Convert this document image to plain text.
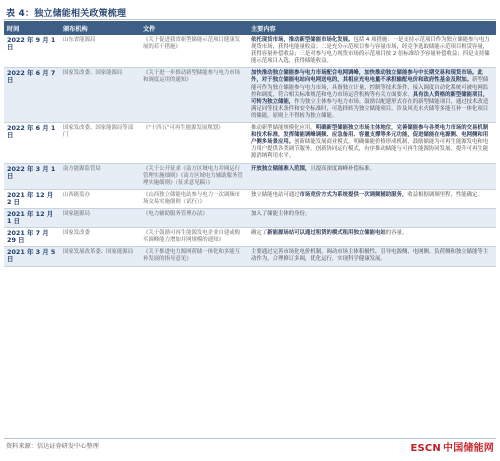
表 4：独立储能相关政策梳理
时间	颁布机构	文件	主要内容
2022 年 9 月 1 日	山东省能源局	《关于促进我省新型储能示范项目健康发展的若干措施》	依托现货市场，推动新型储能市场化发展。包括 4 项措施：一是支持示范项目作为独立储能参与电力现货市场，获得电能量收益；二是充分示范项目参与容量市场，经竞争选取储能示范项目租赁容量，获得容量补偿收益；三是对参与电力现货市场的示范项目按 2 倍标准给予容量补偿收益；四是支持储能示范项目入选，获得储能收益。
2022 年 6 月 7 日	国家发改委、国家能源局	《关于进一步推动新型储能参与电力市场和调度运用的通知》	加快推动独立储能参与电力市场配合电网调峰，加快推动独立储能参与中长期交易和现货市场。此外，对于独立储能电站向电网送电的，其相应充电电量不承担输配电价和政府性基金及附加。新型储能可作为独立储能参与电力市场，具备独立计量、控制等技术条件，接入调度自动化系统可被电网监控和调度，符合相关标准规范和电力市场运营机构等有关方面要求，具有法人资格的新型储能项目，可转为独立储能，作为独立主体参与电力市场。鼓励以配建形式存在的新型储能项目，通过技术改造满足同等技术条件和安全标准时，可选择转为独立储能项目。涉及风光水火储等多能互补一体化项目的储能，原则上不得转为独立储能。
2022 年 6 月 1 日	国家发改委、国家能源局等部门	《"十四五"可再生能源发展规划》	推动新型储能规模化应用。明确新型储能独立市场主体地位，完善储能参与各类电力市场的交易机制和技术标准，发挥储能调峰调频、应急备用、容量支撑等多元功能，促进储能在电源侧、电网侧和用户侧多场景应用。创新储能发展商业模式，明确储能价格形成机制，鼓励储能为可再生能源发电和电力用户提供各类调节服务。创新协同运行模式，有序推动储能与可再生能源协同发展，提升可再生能源消纳利用水平。
2022 年 3 月 1 日	南方能源监管局	《关于公开征求《南方区域电力并网运行管理实施细则》《南方区域电力辅助服务管理实施细则》（征求意见稿）》	开放独立储能准入范围，且提高深度调峰补偿标准。
2021 年 12 月 2 日	山西能监办	《山西独立储能电站参与电力一次调频市场交易实施细则（试行）》	独立储能电站可通过市场竞价方式为系统提供一次调频辅助服务，收益根据调频里程、性能确定。
2021 年 12 月 1 日	国家能源局	《电力辅助服务管理办法》	加入了储能主体的身份。
2021 年 7 月 29 日	国家发改委	《关于鼓励可再生能源发电企业自建或购买调峰能力增加并网规模的通知》	确定了新能源场站可以通过租赁的模式租用独立储能电站的容量。
2021 年 3 月 5 日	国家发展改革委、国家能源局	《关于推进电力源网荷储一体化和多能互补发展的指导意见》	主要通过完善市场化电价机制，调动市场主体积极性，引导电源侧、电网侧、负荷侧和独立储能等主动作为，合理修订多调，优化运行，实现科学健康发展。
资料来源：信达证券研发中心整理	ESCN 中国储能网
